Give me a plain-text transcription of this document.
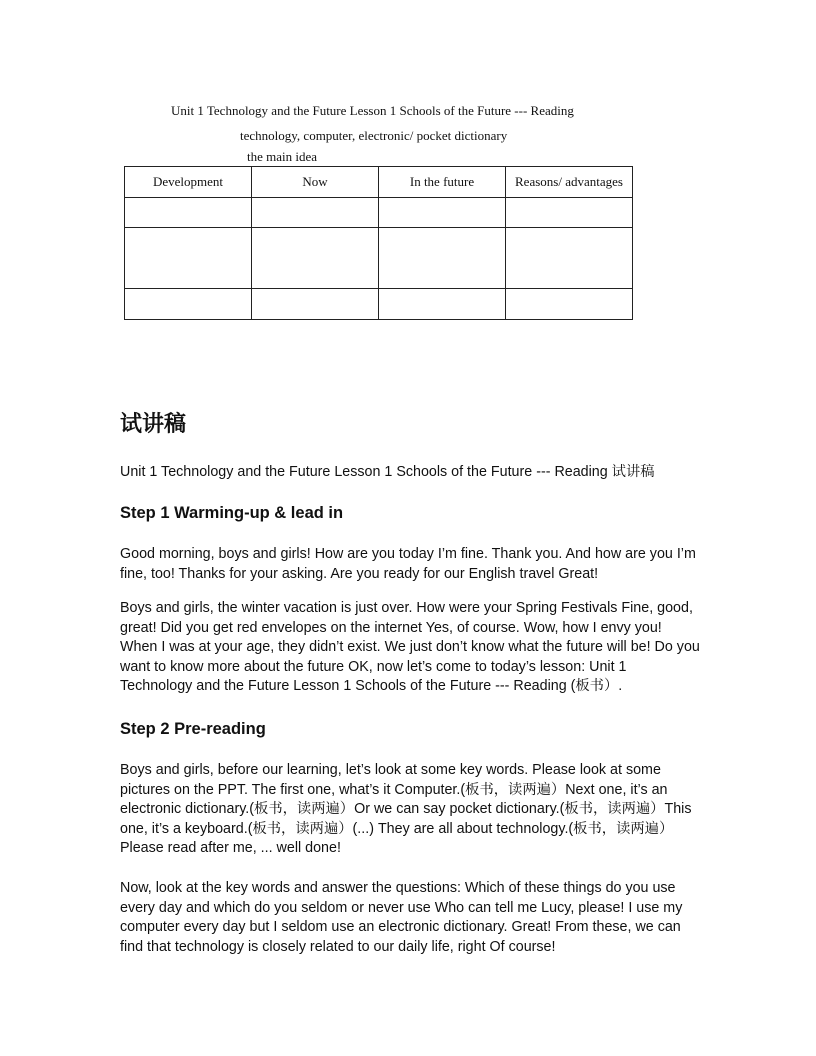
Unit 1 Technology and the Future Lesson 1 Schools of the Future --- Reading
technology, computer, electronic/ pocket dictionary
the main idea
Development	Now	In the future	Reasons/ advantages

试讲稿

Unit 1 Technology and the Future Lesson 1 Schools of the Future --- Reading 试讲稿

Step 1 Warming-up & lead in

Good morning, boys and girls! How are you today I’m fine. Thank you. And how are you I’m fine, too! Thanks for your asking. Are you ready for our English travel Great!

Boys and girls, the winter vacation is just over. How were your Spring Festivals Fine, good, great! Did you get red envelopes on the internet Yes, of course. Wow, how I envy you! When I was at your age, they didn’t exist. We just don’t know what the future will be! Do you want to know more about the future OK, now let’s come to today’s lesson: Unit 1 Technology and the Future Lesson 1 Schools of the Future --- Reading (板书）.

Step 2 Pre-reading

Boys and girls, before our learning, let’s look at some key words. Please look at some pictures on the PPT. The first one, what’s it Computer.(板书，读两遍）Next one, it’s an electronic dictionary.(板书，读两遍）Or we can say pocket dictionary.(板书，读两遍）This one, it’s a keyboard.(板书，读两遍）(...) They are all about technology.(板书，读两遍）Please read after me, ... well done!

Now, look at the key words and answer the questions: Which of these things do you use every day and which do you seldom or never use Who can tell me Lucy, please! I use my computer every day but I seldom use an electronic dictionary. Great! From these, we can find that technology is closely related to our daily life, right Of course!
